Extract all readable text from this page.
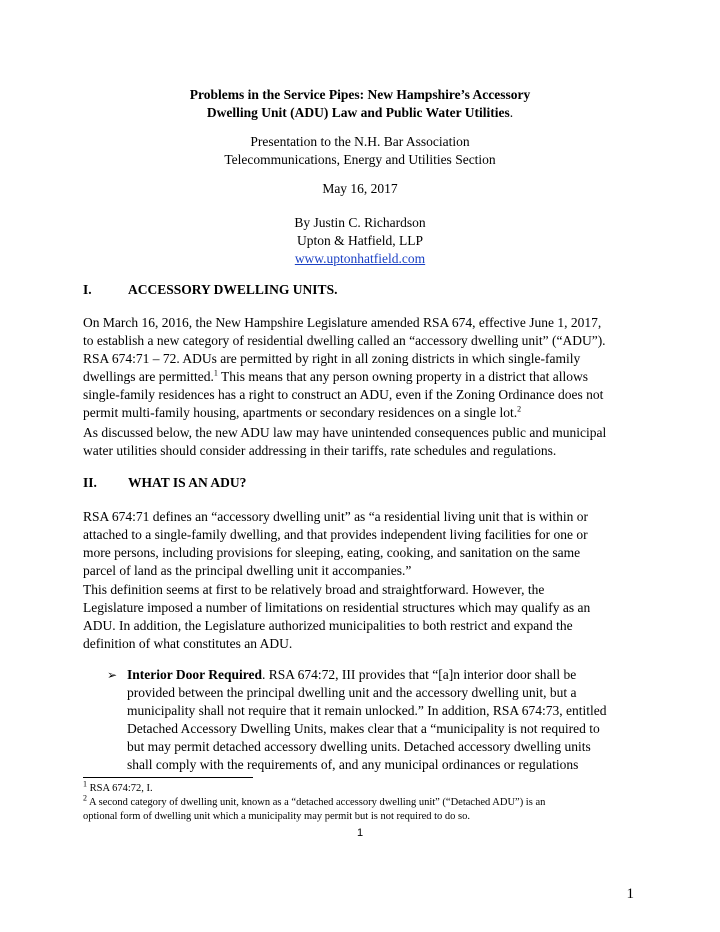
Problems in the Service Pipes: New Hampshire’s Accessory
Dwelling Unit (ADU) Law and Public Water Utilities.
Presentation to the N.H. Bar Association
Telecommunications, Energy and Utilities Section
May 16, 2017
By Justin C. Richardson
Upton & Hatfield, LLP
www.uptonhatfield.com
I.	ACCESSORY DWELLING UNITS.
On March 16, 2016, the New Hampshire Legislature amended RSA 674, effective June 1, 2017,
to establish a new category of residential dwelling called an “accessory dwelling unit” (“ADU”).
RSA 674:71 – 72. ADUs are permitted by right in all zoning districts in which single-family
dwellings are permitted.$^1$ This means that any person owning property in a district that allows
single-family residences has a right to construct an ADU, even if the Zoning Ordinance does not
permit multi-family housing, apartments or secondary residences on a single lot.$^2$
As discussed below, the new ADU law may have unintended consequences public and municipal
water utilities should consider addressing in their tariffs, rate schedules and regulations.
II. WHAT IS AN ADU?
RSA 674:71 defines an “accessory dwelling unit” as “a residential living unit that is within or
attached to a single-family dwelling, and that provides independent living facilities for one or
more persons, including provisions for sleeping, eating, cooking, and sanitation on the same
parcel of land as the principal dwelling unit it accompanies.”
This definition seems at first to be relatively broad and straightforward. However, the
Legislature imposed a number of limitations on residential structures which may qualify as an
ADU. In addition, the Legislature authorized municipalities to both restrict and expand the
definition of what constitutes an ADU.
➢ Interior Door Required. RSA 674:72, III provides that “[a]n interior door shall be
provided between the principal dwelling unit and the accessory dwelling unit, but a
municipality shall not require that it remain unlocked.” In addition, RSA 674:73, entitled
Detached Accessory Dwelling Units, makes clear that a “municipality is not required to
but may permit detached accessory dwelling units. Detached accessory dwelling units
shall comply with the requirements of, and any municipal ordinances or regulations
$^1$ RSA 674:72, I.
$^2$ A second category of dwelling unit, known as a “detached accessory dwelling unit” (“Detached ADU”) is an
optional form of dwelling unit which a municipality may permit but is not required to do so.
1
1
